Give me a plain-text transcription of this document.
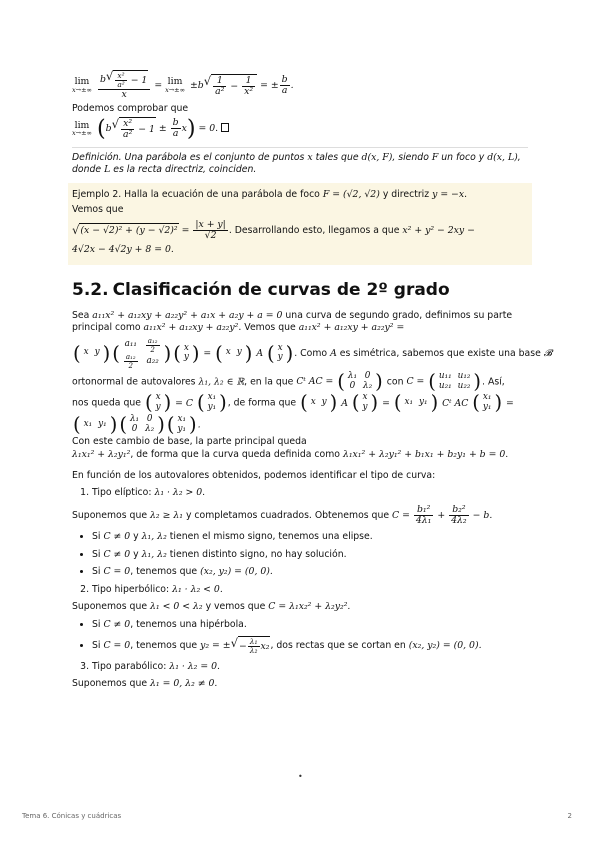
lim
x→±∞
$\frac{b√ \frac{\text{x²}}{\text{a²}} - 1}{x} = \lim$
$x\to\pm\infty \pm b√ \frac{1}{\text{a²}} - \frac{1}{\text{x²}}$ = ± $\frac{b}{a}$ .
Podemos comprobar que
lim
x→±∞ $(b√ \frac{\text{x²}}{\text{a²}} - 1 \pm \frac{b}{a} x) = 0$.
Definición. Una parábola es el conjunto de puntos x tales que d(x, F), siendo F un foco y d(x, L), donde L es la recta directriz, coinciden.
Ejemplo 2. Halla la ecuación de una parábola de foco F = (√2, √2) y directriz y = −x.
Vemos que
$√(x - √2)^2 + (y - √2)^2 = \frac{|x + y|}{√2}$ . Desarrollando esto, llegamos a que x² + y² − 2xy −
4√2x − 4√2y + 8 = 0.
5.2. Clasificación de curvas de 2º grado
Sea a₁₁x² + a₁₂xy + a₂₂y² + a₁x + a₂y + a = 0 una curva de segundo grado, definimos su parte principal como a₁₁x² + a₁₂xy + a₂₂y². Vemos que a₁₁x² + a₁₂xy + a₂₂y² =
( x	y ) ( a₁₁	$\frac{\text{a₁₂}}{2}$

$\frac{\text{a₁₂}}{2}$	a₂₂ ) ( x
y ) = ( x	y ) A ( x
y ) . Como A es simétrica, sabemos que existe una base 𝓑
ortonormal de autovalores λ₁, λ₂ ∈ ℝ, en la que Cᵗ AC = ( λ₁	0
0	λ₂ ) con C = ( u₁₁	u₁₂
u₂₁	u₂₂ ) . Así,
nos queda que ( x
y ) = C ( x₁
y₁ ) , de forma que ( x	y ) A ( x
y ) = ( x₁	y₁ ) Cᵗ AC ( x₁
y₁ ) =
( x₁	y₁ ) ( λ₁	0
0	λ₂ ) ( x₁
y₁ ) .
Con este cambio de base, la parte principal queda
λ₁x₁² + λ₂y₁², de forma que la curva queda definida como λ₁x₁² + λ₂y₁² + b₁x₁ + b₂y₁ + b = 0.
En función de los autovalores obtenidos, podemos identificar el tipo de curva:
1. Tipo elíptico: λ₁ · λ₂ > 0.
Suponemos que λ₂ ≥ λ₁ y completamos cuadrados. Obtenemos que $C = \frac{\text{b₁²}}{\text{4λ₁}} + \frac{\text{b₂²}}{\text{4λ₂}} - b$.
• Si C ≠ 0 y λ₁, λ₂ tienen el mismo signo, tenemos una elipse.
• Si C ≠ 0 y λ₁, λ₂ tienen distinto signo, no hay solución.
• Si C = 0, tenemos que (x₂, y₂) = (0, 0).
2. Tipo hiperbólico: λ₁ · λ₂ < 0.
Suponemos que λ₁ < 0 < λ₂ y vemos que C = λ₁x₂² + λ₂y₂².
• Si C ≠ 0, tenemos una hipérbola.
• Si C = 0, tenemos que y₂ = ±√− $\frac{\text{λ₁}}{\text{λ₂}} x_2$, dos rectas que se cortan en (x₂, y₂) = (0, 0).
3. Tipo parabólico: λ₁ · λ₂ = 0.
Suponemos que λ₁ = 0, λ₂ ≠ 0.
•
Tema 6. Cónicas y cuádricas	2
